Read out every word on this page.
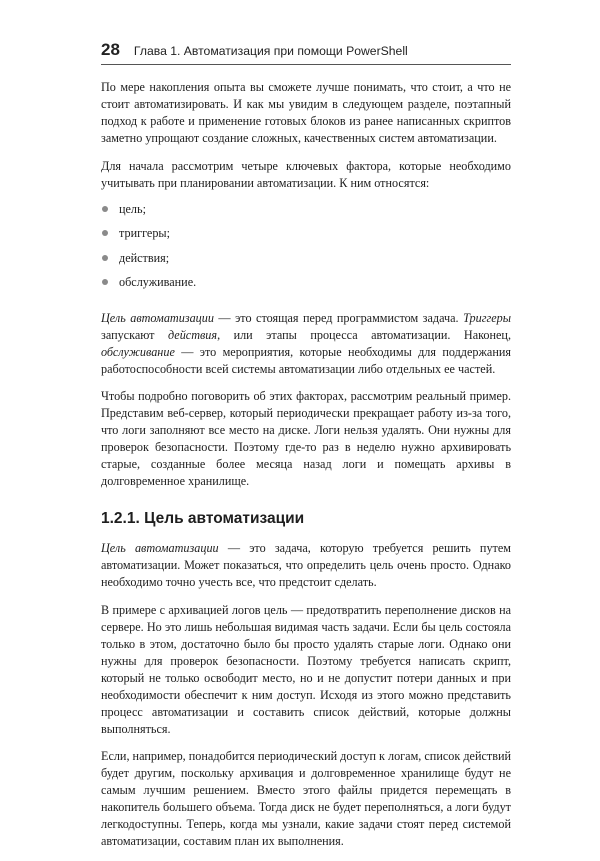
28 Глава 1. Автоматизация при помощи PowerShell

По мере накопления опыта вы сможете лучше понимать, что стоит, а что не стоит автоматизировать. И как мы увидим в следующем разделе, поэтапный подход к работе и применение готовых блоков из ранее написанных скриптов заметно упрощают создание сложных, качественных систем автоматизации.

Для начала рассмотрим четыре ключевых фактора, которые необходимо учитывать при планировании автоматизации. К ним относятся:

цель;
триггеры;
действия;
обслуживание.

Цель автоматизации — это стоящая перед программистом задача. Триггеры запускают действия, или этапы процесса автоматизации. Наконец, обслуживание — это мероприятия, которые необходимы для поддержания работоспособности всей системы автоматизации либо отдельных ее частей.

Чтобы подробно поговорить об этих факторах, рассмотрим реальный пример. Представим веб-сервер, который периодически прекращает работу из-за того, что логи заполняют все место на диске. Логи нельзя удалять. Они нужны для проверок безопасности. Поэтому где-то раз в неделю нужно архивировать старые, созданные более месяца назад логи и помещать архивы в долговременное хранилище.

1.2.1. Цель автоматизации

Цель автоматизации — это задача, которую требуется решить путем автоматизации. Может показаться, что определить цель очень просто. Однако необходимо точно учесть все, что предстоит сделать.

В примере с архивацией логов цель — предотвратить переполнение дисков на сервере. Но это лишь небольшая видимая часть задачи. Если бы цель состояла только в этом, достаточно было бы просто удалять старые логи. Однако они нужны для проверок безопасности. Поэтому требуется написать скрипт, который не только освободит место, но и не допустит потери данных и при необходимости обеспечит к ним доступ. Исходя из этого можно представить процесс автоматизации и составить список действий, которые должны выполняться.

Если, например, понадобится периодический доступ к логам, список действий будет другим, поскольку архивация и долговременное хранилище будут не самым лучшим решением. Вместо этого файлы придется перемещать в накопитель большего объема. Тогда диск не будет переполняться, а логи будут легкодоступны. Теперь, когда мы узнали, какие задачи стоят перед системой автоматизации, составим план их выполнения.
